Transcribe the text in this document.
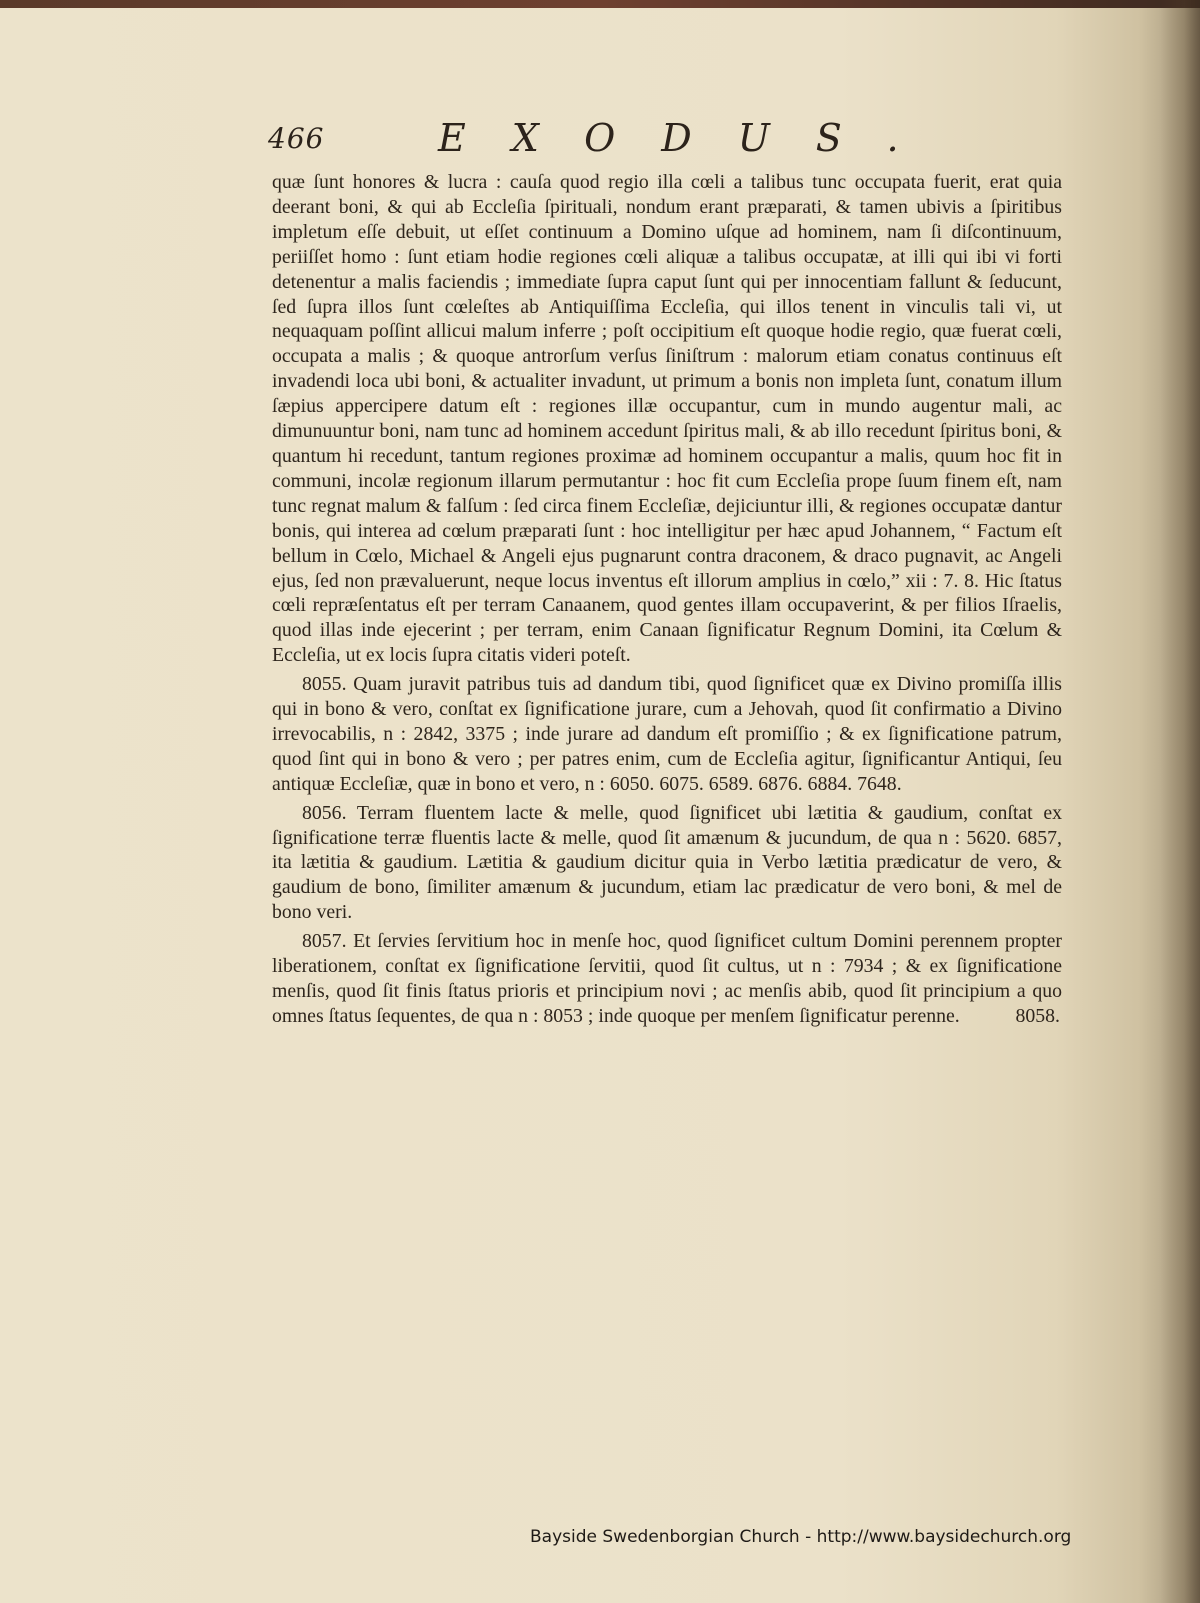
466	EXODUS.

quæ ſunt honores & lucra : cauſa quod regio illa cœli a talibus tunc occupata fuerit, erat quia deerant boni, & qui ab Eccleſia ſpirituali, nondum erant præparati, & tamen ubivis a ſpiritibus impletum eſſe debuit, ut eſſet continuum a Domino uſque ad hominem, nam ſi diſcontinuum, periiſſet homo : ſunt etiam hodie regiones cœli aliquæ a talibus occupatæ, at illi qui ibi vi forti detenentur a malis faciendis ; immediate ſupra caput ſunt qui per innocentiam fallunt & ſeducunt, ſed ſupra illos ſunt cœleſtes ab Antiquiſſima Eccleſia, qui illos tenent in vinculis tali vi, ut nequaquam poſſint allicui malum inferre ; poſt occipitium eſt quoque hodie regio, quæ fuerat cœli, occupata a malis ; & quoque antrorſum verſus ſiniſtrum : malorum etiam conatus continuus eſt invadendi loca ubi boni, & actualiter invadunt, ut primum a bonis non impleta ſunt, conatum illum ſæpius appercipere datum eſt : regiones illæ occupantur, cum in mundo augentur mali, ac dimunuuntur boni, nam tunc ad hominem accedunt ſpiritus mali, & ab illo recedunt ſpiritus boni, & quantum hi recedunt, tantum regiones proximæ ad hominem occupantur a malis, quum hoc fit in communi, incolæ regionum illarum permutantur : hoc fit cum Eccleſia prope ſuum finem eſt, nam tunc regnat malum & falſum : ſed circa finem Eccleſiæ, dejiciuntur illi, & regiones occupatæ dantur bonis, qui interea ad cœlum præparati ſunt : hoc intelligitur per hæc apud Johannem, “ Factum eſt bellum in Cœlo, Michael & Angeli ejus pugnarunt contra draconem, & draco pugnavit, ac Angeli ejus, ſed non prævaluerunt, neque locus inventus eſt illorum amplius in cœlo,” xii : 7. 8. Hic ſtatus cœli repræſentatus eſt per terram Canaanem, quod gentes illam occupaverint, & per filios Iſraelis, quod illas inde ejecerint ; per terram, enim Canaan ſignificatur Regnum Domini, ita Cœlum & Eccleſia, ut ex locis ſupra citatis videri poteſt.

8055. Quam juravit patribus tuis ad dandum tibi, quod ſignificet quæ ex Divino promiſſa illis qui in bono & vero, conſtat ex ſignificatione jurare, cum a Jehovah, quod ſit confirmatio a Divino irrevocabilis, n : 2842, 3375 ; inde jurare ad dandum eſt promiſſio ; & ex ſignificatione patrum, quod ſint qui in bono & vero ; per patres enim, cum de Eccleſia agitur, ſignificantur Antiqui, ſeu antiquæ Eccleſiæ, quæ in bono et vero, n : 6050. 6075. 6589. 6876. 6884. 7648.

8056. Terram fluentem lacte & melle, quod ſignificet ubi lætitia & gaudium, conſtat ex ſignificatione terræ fluentis lacte & melle, quod ſit amænum & jucundum, de qua n : 5620. 6857, ita lætitia & gaudium. Lætitia & gaudium dicitur quia in Verbo lætitia prædicatur de vero, & gaudium de bono, ſimiliter amænum & jucundum, etiam lac prædicatur de vero boni, & mel de bono veri.

8057. Et ſervies ſervitium hoc in menſe hoc, quod ſignificet cultum Domini perennem propter liberationem, conſtat ex ſignificatione ſervitii, quod ſit cultus, ut n : 7934 ; & ex ſignificatione menſis, quod ſit finis ſtatus prioris et principium novi ; ac menſis abib, quod ſit principium a quo omnes ſtatus ſequentes, de qua n : 8053 ; inde quoque per menſem ſignificatur perenne.	8058.

Bayside Swedenborgian Church - http://www.baysidechurch.org
